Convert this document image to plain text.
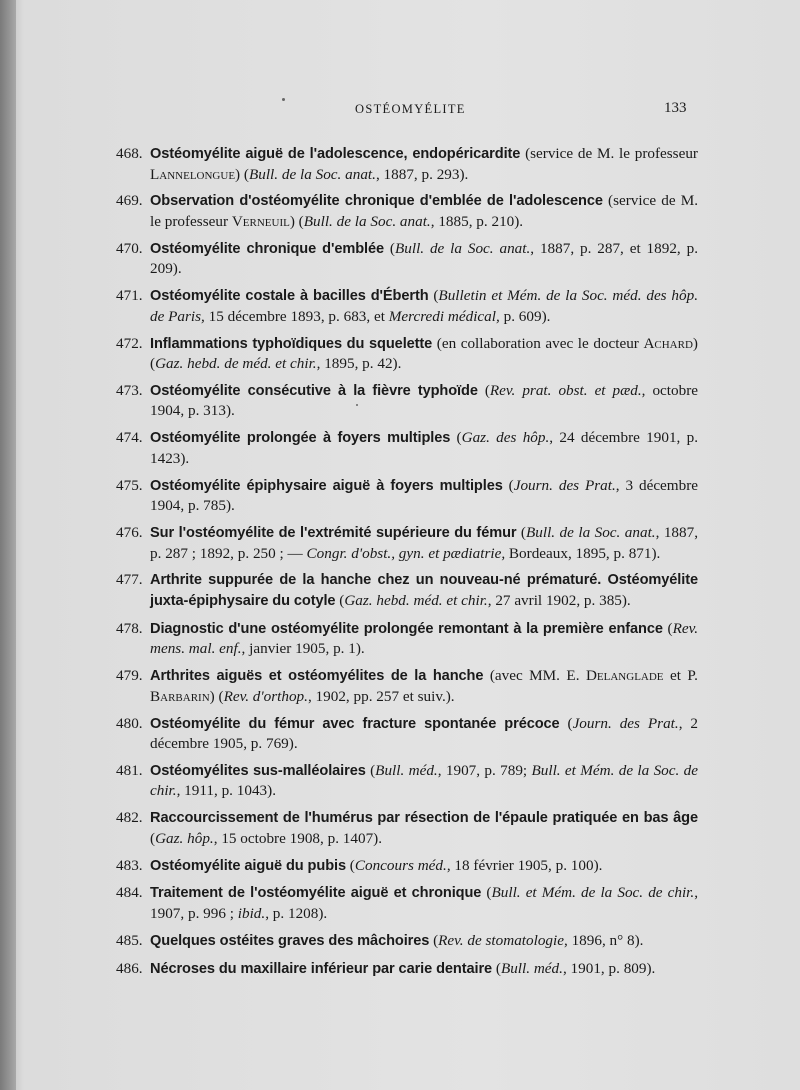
OSTÉOMYÉLITE	133
468. Ostéomyélite aiguë de l'adolescence, endopéricardite (service de M. le professeur Lannelongue) (Bull. de la Soc. anat., 1887, p. 293).
469. Observation d'ostéomyélite chronique d'emblée de l'adolescence (service de M. le professeur Verneuil) (Bull. de la Soc. anat., 1885, p. 210).
470. Ostéomyélite chronique d'emblée (Bull. de la Soc. anat., 1887, p. 287, et 1892, p. 209).
471. Ostéomyélite costale à bacilles d'Éberth (Bulletin et Mém. de la Soc. méd. des hôp. de Paris, 15 décembre 1893, p. 683, et Mercredi médical, p. 609).
472. Inflammations typhoïdiques du squelette (en collaboration avec le docteur Achard) (Gaz. hebd. de méd. et chir., 1895, p. 42).
473. Ostéomyélite consécutive à la fièvre typhoïde (Rev. prat. obst. et pæd., octobre 1904, p. 313).
474. Ostéomyélite prolongée à foyers multiples (Gaz. des hôp., 24 décembre 1901, p. 1423).
475. Ostéomyélite épiphysaire aiguë à foyers multiples (Journ. des Prat., 3 décembre 1904, p. 785).
476. Sur l'ostéomyélite de l'extrémité supérieure du fémur (Bull. de la Soc. anat., 1887, p. 287 ; 1892, p. 250 ; — Congr. d'obst., gyn. et pædiatrie, Bordeaux, 1895, p. 871).
477. Arthrite suppurée de la hanche chez un nouveau-né prématuré. Ostéomyélite juxta-épiphysaire du cotyle (Gaz. hebd. méd. et chir., 27 avril 1902, p. 385).
478. Diagnostic d'une ostéomyélite prolongée remontant à la première enfance (Rev. mens. mal. enf., janvier 1905, p. 1).
479. Arthrites aiguës et ostéomyélites de la hanche (avec MM. E. Delanglade et P. Barbarin) (Rev. d'orthop., 1902, pp. 257 et suiv.).
480. Ostéomyélite du fémur avec fracture spontanée précoce (Journ. des Prat., 2 décembre 1905, p. 769).
481. Ostéomyélites sus-malléolaires (Bull. méd., 1907, p. 789; Bull. et Mém. de la Soc. de chir., 1911, p. 1043).
482. Raccourcissement de l'humérus par résection de l'épaule pratiquée en bas âge (Gaz. hôp., 15 octobre 1908, p. 1407).
483. Ostéomyélite aiguë du pubis (Concours méd., 18 février 1905, p. 100).
484. Traitement de l'ostéomyélite aiguë et chronique (Bull. et Mém. de la Soc. de chir., 1907, p. 996 ; ibid., p. 1208).
485. Quelques ostéites graves des mâchoires (Rev. de stomatologie, 1896, n° 8).
486. Nécroses du maxillaire inférieur par carie dentaire (Bull. méd., 1901, p. 809).
